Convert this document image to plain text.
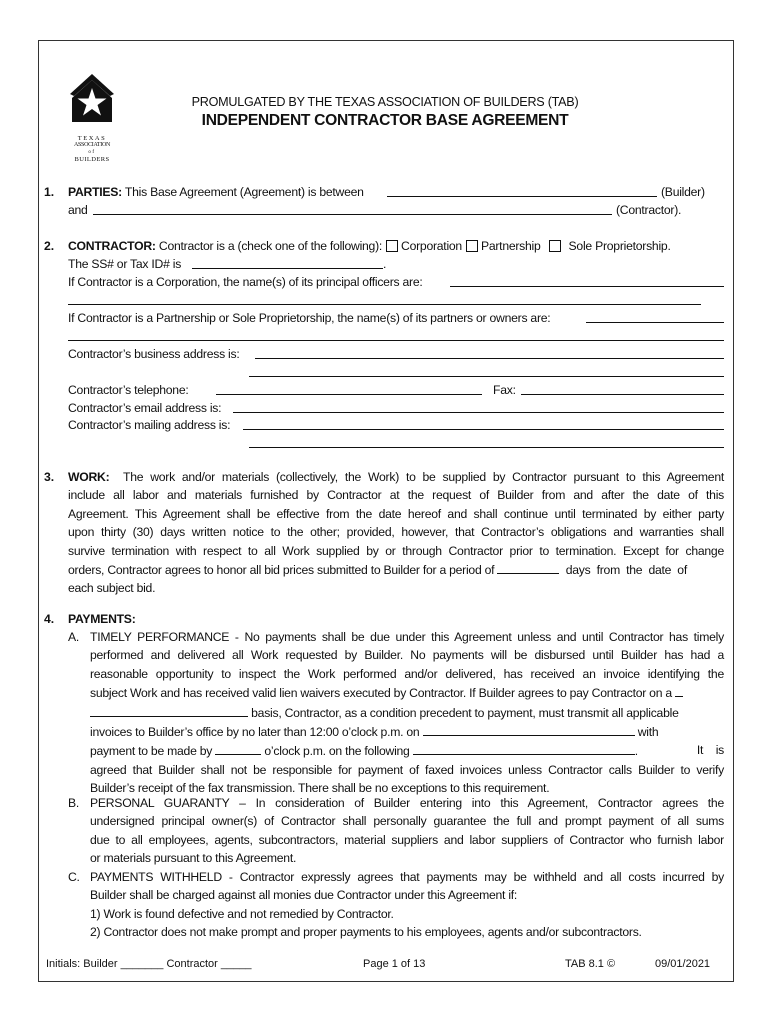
TEXAS
ASSOCIATION
of
BUILDERS
PROMULGATED BY THE TEXAS ASSOCIATION OF BUILDERS (TAB)
INDEPENDENT CONTRACTOR BASE AGREEMENT
1. PARTIES: This Base Agreement (Agreement) is between	(Builder)
and	(Contractor).
2. CONTRACTOR: Contractor is a (check one of the following): Corporation Partnership Sole Proprietorship.
The SS# or Tax ID# is	.
If Contractor is a Corporation, the name(s) of its principal officers are:
If Contractor is a Partnership or Sole Proprietorship, the name(s) of its partners or owners are:
Contractor’s business address is:
Contractor’s telephone:	Fax:
Contractor’s email address is:
Contractor’s mailing address is:
3. WORK: The work and/or materials (collectively, the Work) to be supplied by Contractor pursuant to this Agreement
include all labor and materials furnished by Contractor at the request of Builder from and after the date of this
Agreement. This Agreement shall be effective from the date hereof and shall continue until terminated by either party
upon thirty (30) days written notice to the other; provided, however, that Contractor’s obligations and warranties shall
survive termination with respect to all Work supplied by or through Contractor prior to termination. Except for change
orders, Contractor agrees to honor all bid prices submitted to Builder for a period of	days from the date of
each subject bid.
4. PAYMENTS:
A. TIMELY PERFORMANCE - No payments shall be due under this Agreement unless and until Contractor has timely
performed and delivered all Work requested by Builder. No payments will be disbursed until Builder has had a
reasonable opportunity to inspect the Work performed and/or delivered, has received an invoice identifying the
subject Work and has received valid lien waivers executed by Contractor. If Builder agrees to pay Contractor on a
basis, Contractor, as a condition precedent to payment, must transmit all applicable
invoices to Builder’s office by no later than 12:00 o’clock p.m. on	with
payment to be made by	o’clock p.m. on the following	.	It    is
agreed that Builder shall not be responsible for payment of faxed invoices unless Contractor calls Builder to verify
Builder’s receipt of the fax transmission. There shall be no exceptions to this requirement.
B. PERSONAL GUARANTY – In consideration of Builder entering into this Agreement, Contractor agrees the
undersigned principal owner(s) of Contractor shall personally guarantee the full and prompt payment of all sums
due to all employees, agents, subcontractors, material suppliers and labor suppliers of Contractor who furnish labor
or materials pursuant to this Agreement.
C. PAYMENTS WITHHELD - Contractor expressly agrees that payments may be withheld and all costs incurred by
Builder shall be charged against all monies due Contractor under this Agreement if:
1) Work is found defective and not remedied by Contractor.
2) Contractor does not make prompt and proper payments to his employees, agents and/or subcontractors.
Initials: Builder _______ Contractor _____	Page 1 of 13	TAB 8.1 ©	09/01/2021
